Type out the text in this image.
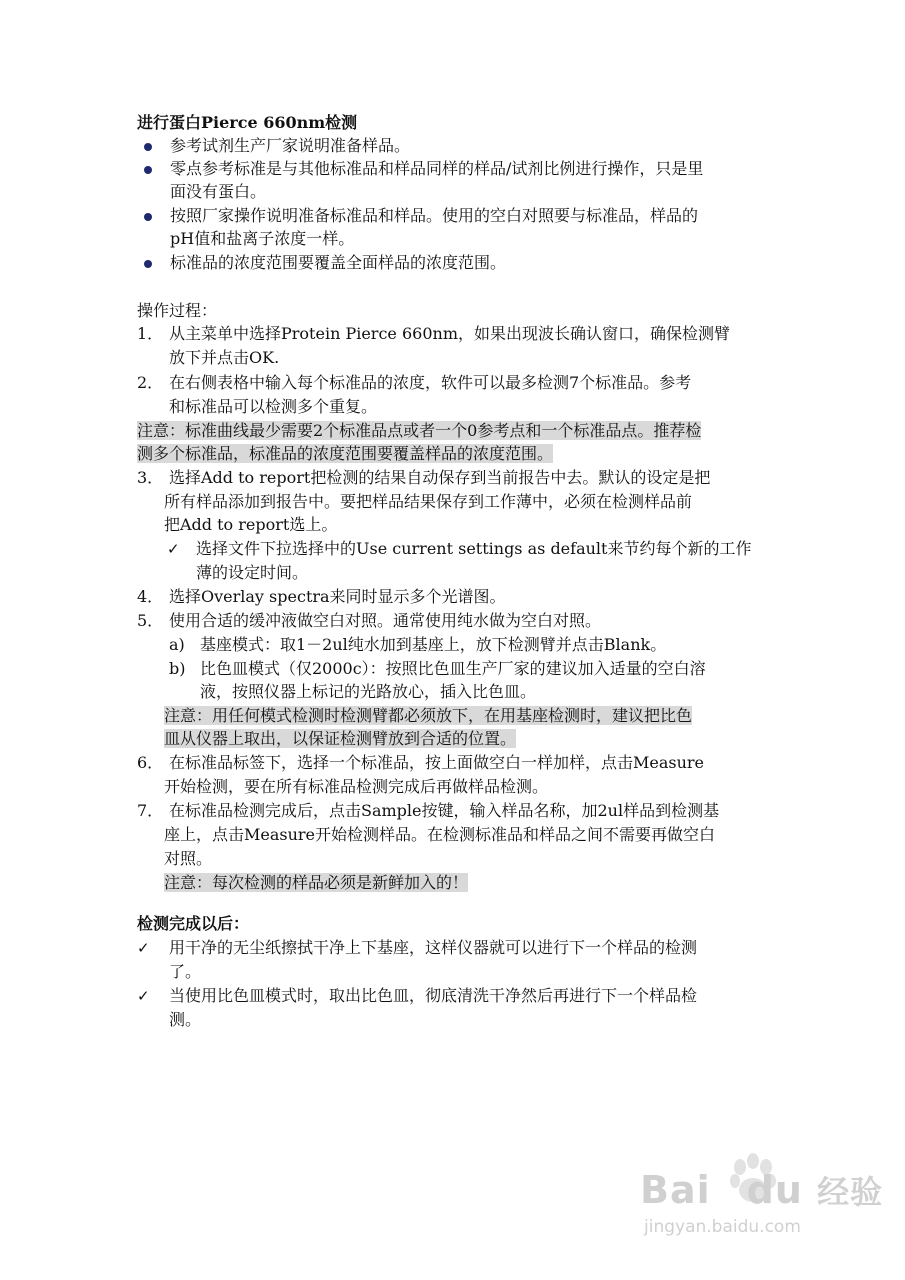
进行蛋白Pierce 660nm检测
参考试剂生产厂家说明准备样品。
零点参考标准是与其他标准品和样品同样的样品/试剂比例进行操作，只是里
面没有蛋白。
按照厂家操作说明准备标准品和样品。使用的空白对照要与标准品，样品的
pH值和盐离子浓度一样。
标准品的浓度范围要覆盖全面样品的浓度范围。
操作过程：
1． 从主菜单中选择Protein Pierce 660nm，如果出现波长确认窗口，确保检测臂
放下并点击OK.
2． 在右侧表格中输入每个标准品的浓度，软件可以最多检测7个标准品。参考
和标准品可以检测多个重复。
注意：标准曲线最少需要2个标准品点或者一个0参考点和一个标准品点。推荐检
测多个标准品，标准品的浓度范围要覆盖样品的浓度范围。
3． 选择Add to report把检测的结果自动保存到当前报告中去。默认的设定是把
所有样品添加到报告中。要把样品结果保存到工作薄中，必须在检测样品前
把Add to report选上。
✓ 选择文件下拉选择中的Use current settings as default来节约每个新的工作
薄的设定时间。
4． 选择Overlay spectra来同时显示多个光谱图。
5． 使用合适的缓冲液做空白对照。通常使用纯水做为空白对照。
a) 基座模式：取1－2ul纯水加到基座上，放下检测臂并点击Blank。
b) 比色皿模式（仅2000c）：按照比色皿生产厂家的建议加入适量的空白溶
液，按照仪器上标记的光路放心，插入比色皿。
注意：用任何模式检测时检测臂都必须放下，在用基座检测时，建议把比色
皿从仪器上取出，以保证检测臂放到合适的位置。
6． 在标准品标签下，选择一个标准品，按上面做空白一样加样，点击Measure
开始检测，要在所有标准品检测完成后再做样品检测。
7． 在标准品检测完成后，点击Sample按键，输入样品名称，加2ul样品到检测基
座上，点击Measure开始检测样品。在检测标准品和样品之间不需要再做空白
对照。
注意：每次检测的样品必须是新鲜加入的！
检测完成以后：
✓ 用干净的无尘纸擦拭干净上下基座，这样仪器就可以进行下一个样品的检测
了。
✓ 当使用比色皿模式时，取出比色皿，彻底清洗干净然后再进行下一个样品检
测。
Bai du 经验
jingyan.baidu.com
